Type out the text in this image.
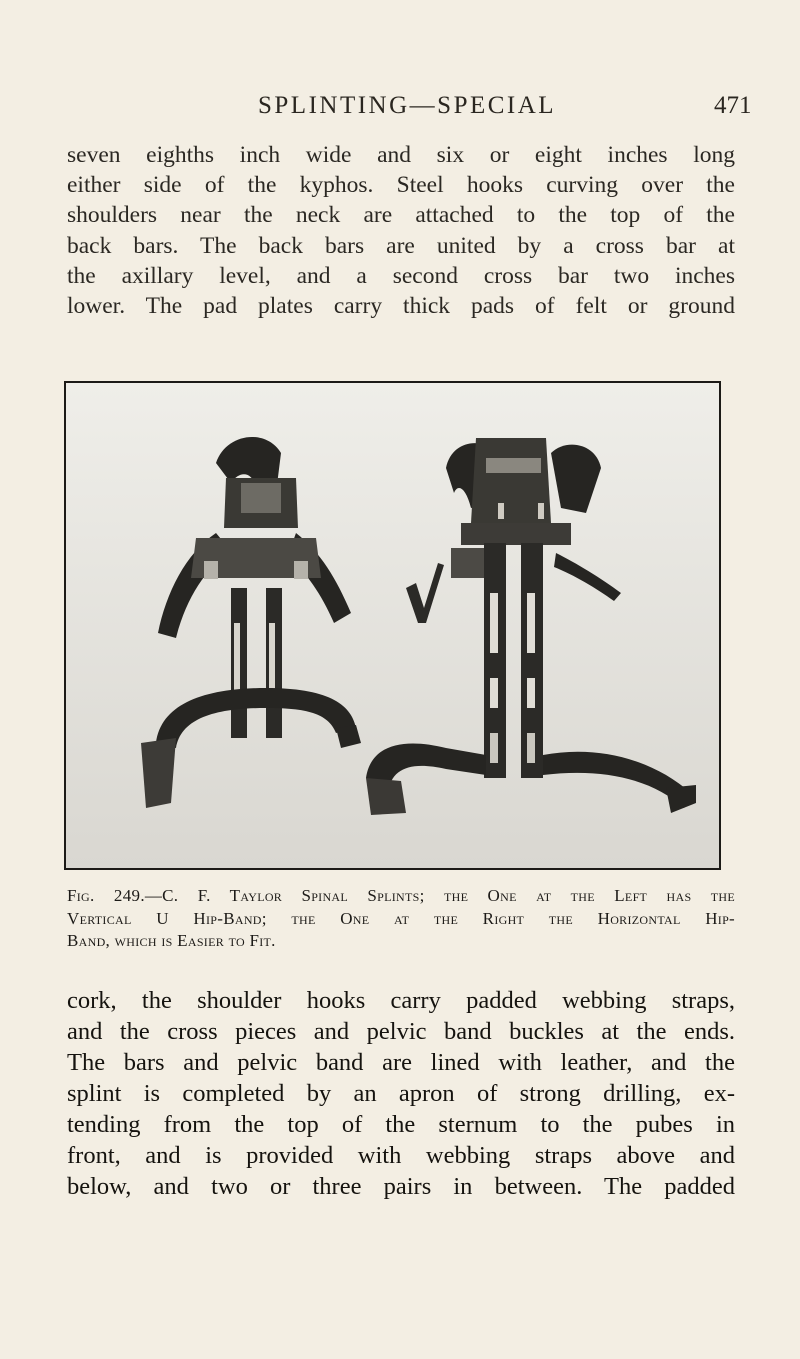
SPLINTING—SPECIAL	471
seven eighths inch wide and six or eight inches long
either side of the kyphos. Steel hooks curving over the
shoulders near the neck are attached to the top of the
back bars. The back bars are united by a cross bar at
the axillary level, and a second cross bar two inches
lower. The pad plates carry thick pads of felt or ground
Fig. 249.—C. F. Taylor Spinal Splints; the One at the Left has the
Vertical U Hip-Band; the One at the Right the Horizontal Hip-
Band, which is Easier to Fit.
cork, the shoulder hooks carry padded webbing straps,
and the cross pieces and pelvic band buckles at the ends.
The bars and pelvic band are lined with leather, and the
splint is completed by an apron of strong drilling, ex-
tending from the top of the sternum to the pubes in
front, and is provided with webbing straps above and
below, and two or three pairs in between. The padded
